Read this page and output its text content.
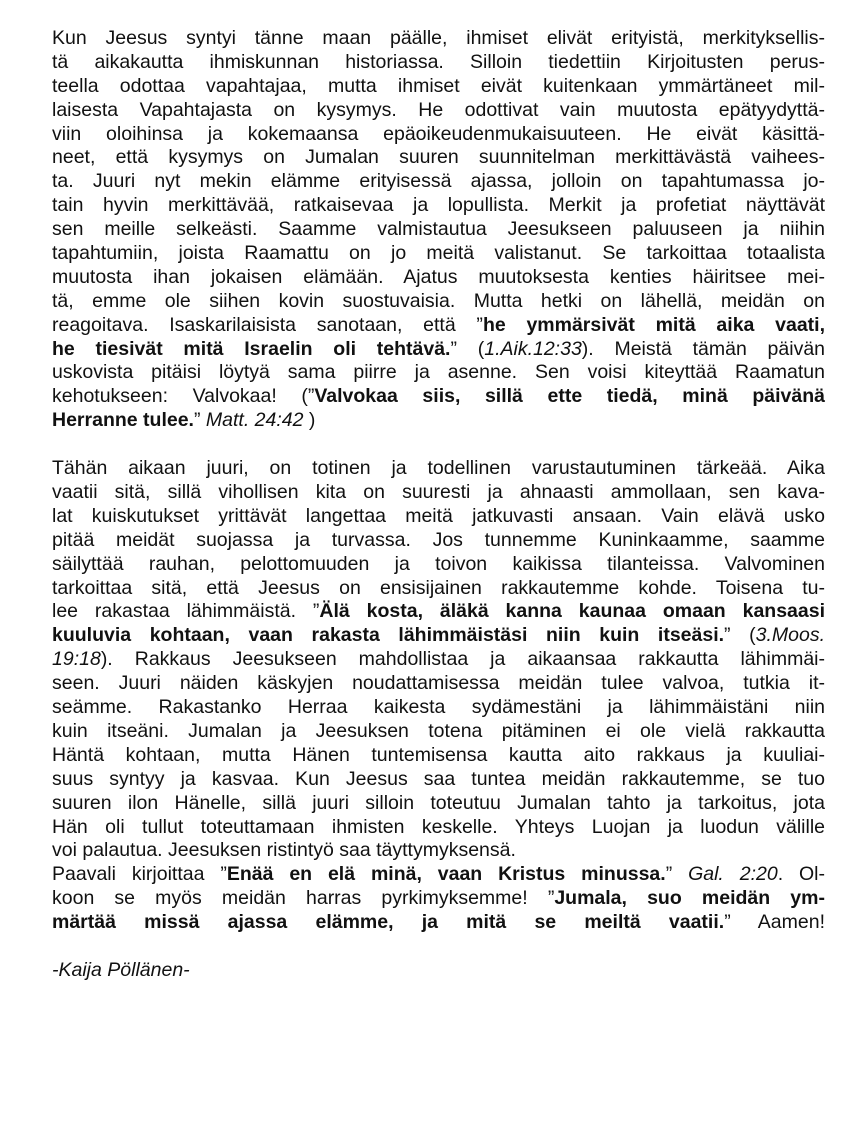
Kun Jeesus syntyi tänne maan päälle, ihmiset elivät erityistä, merkityksellis-
tä aikakautta ihmiskunnan historiassa. Silloin tiedettiin Kirjoitusten perus-
teella odottaa vapahtajaa, mutta ihmiset eivät kuitenkaan ymmärtäneet mil-
laisesta Vapahtajasta on kysymys. He odottivat vain muutosta epätyydyttä-
viin oloihinsa ja kokemaansa epäoikeudenmukaisuuteen. He eivät käsittä-
neet, että kysymys on Jumalan suuren suunnitelman merkittävästä vaihees-
ta. Juuri nyt mekin elämme erityisessä ajassa, jolloin on tapahtumassa jo-
tain hyvin merkittävää, ratkaisevaa ja lopullista. Merkit ja profetiat näyttävät
sen meille selkeästi. Saamme valmistautua Jeesukseen paluuseen ja niihin
tapahtumiin, joista Raamattu on jo meitä valistanut. Se tarkoittaa totaalista
muutosta ihan jokaisen elämään. Ajatus muutoksesta kenties häiritsee mei-
tä, emme ole siihen kovin suostuvaisia. Mutta hetki on lähellä, meidän on
reagoitava. Isaskarilaisista sanotaan, että ”he ymmärsivät mitä aika vaati,
he tiesivät mitä Israelin oli tehtävä.” (1.Aik.12:33). Meistä tämän päivän
uskovista pitäisi löytyä sama piirre ja asenne. Sen voisi kiteyttää Raamatun
kehotukseen: Valvokaa! (”Valvokaa siis, sillä ette tiedä, minä päivänä
Herranne tulee.” Matt. 24:42 )
Tähän aikaan juuri, on totinen ja todellinen varustautuminen tärkeää. Aika
vaatii sitä, sillä vihollisen kita on suuresti ja ahnaasti ammollaan, sen kava-
lat kuiskutukset yrittävät langettaa meitä jatkuvasti ansaan. Vain elävä usko
pitää meidät suojassa ja turvassa. Jos tunnemme Kuninkaamme, saamme
säilyttää rauhan, pelottomuuden ja toivon kaikissa tilanteissa. Valvominen
tarkoittaa sitä, että Jeesus on ensisijainen rakkautemme kohde. Toisena tu-
lee rakastaa lähimmäistä. ”Älä kosta, äläkä kanna kaunaa omaan kansaasi
kuuluvia kohtaan, vaan rakasta lähimmäistäsi niin kuin itseäsi.” (3.Moos.
19:18). Rakkaus Jeesukseen mahdollistaa ja aikaansaa rakkautta lähimmäi-
seen. Juuri näiden käskyjen noudattamisessa meidän tulee valvoa, tutkia it-
seämme. Rakastanko Herraa kaikesta sydämestäni ja lähimmäistäni niin
kuin itseäni. Jumalan ja Jeesuksen totena pitäminen ei ole vielä rakkautta
Häntä kohtaan, mutta Hänen tuntemisensa kautta aito rakkaus ja kuuliai-
suus syntyy ja kasvaa. Kun Jeesus saa tuntea meidän rakkautemme, se tuo
suuren ilon Hänelle, sillä juuri silloin toteutuu Jumalan tahto ja tarkoitus, jota
Hän oli tullut toteuttamaan ihmisten keskelle. Yhteys Luojan ja luodun välille
voi palautua. Jeesuksen ristintyö saa täyttymyksensä.
Paavali kirjoittaa ”Enää en elä minä, vaan Kristus minussa.” Gal. 2:20. Ol-
koon se myös meidän harras pyrkimyksemme! ”Jumala, suo meidän ym-
märtää missä ajassa elämme, ja mitä se meiltä vaatii.” Aamen!
-Kaija Pöllänen-
